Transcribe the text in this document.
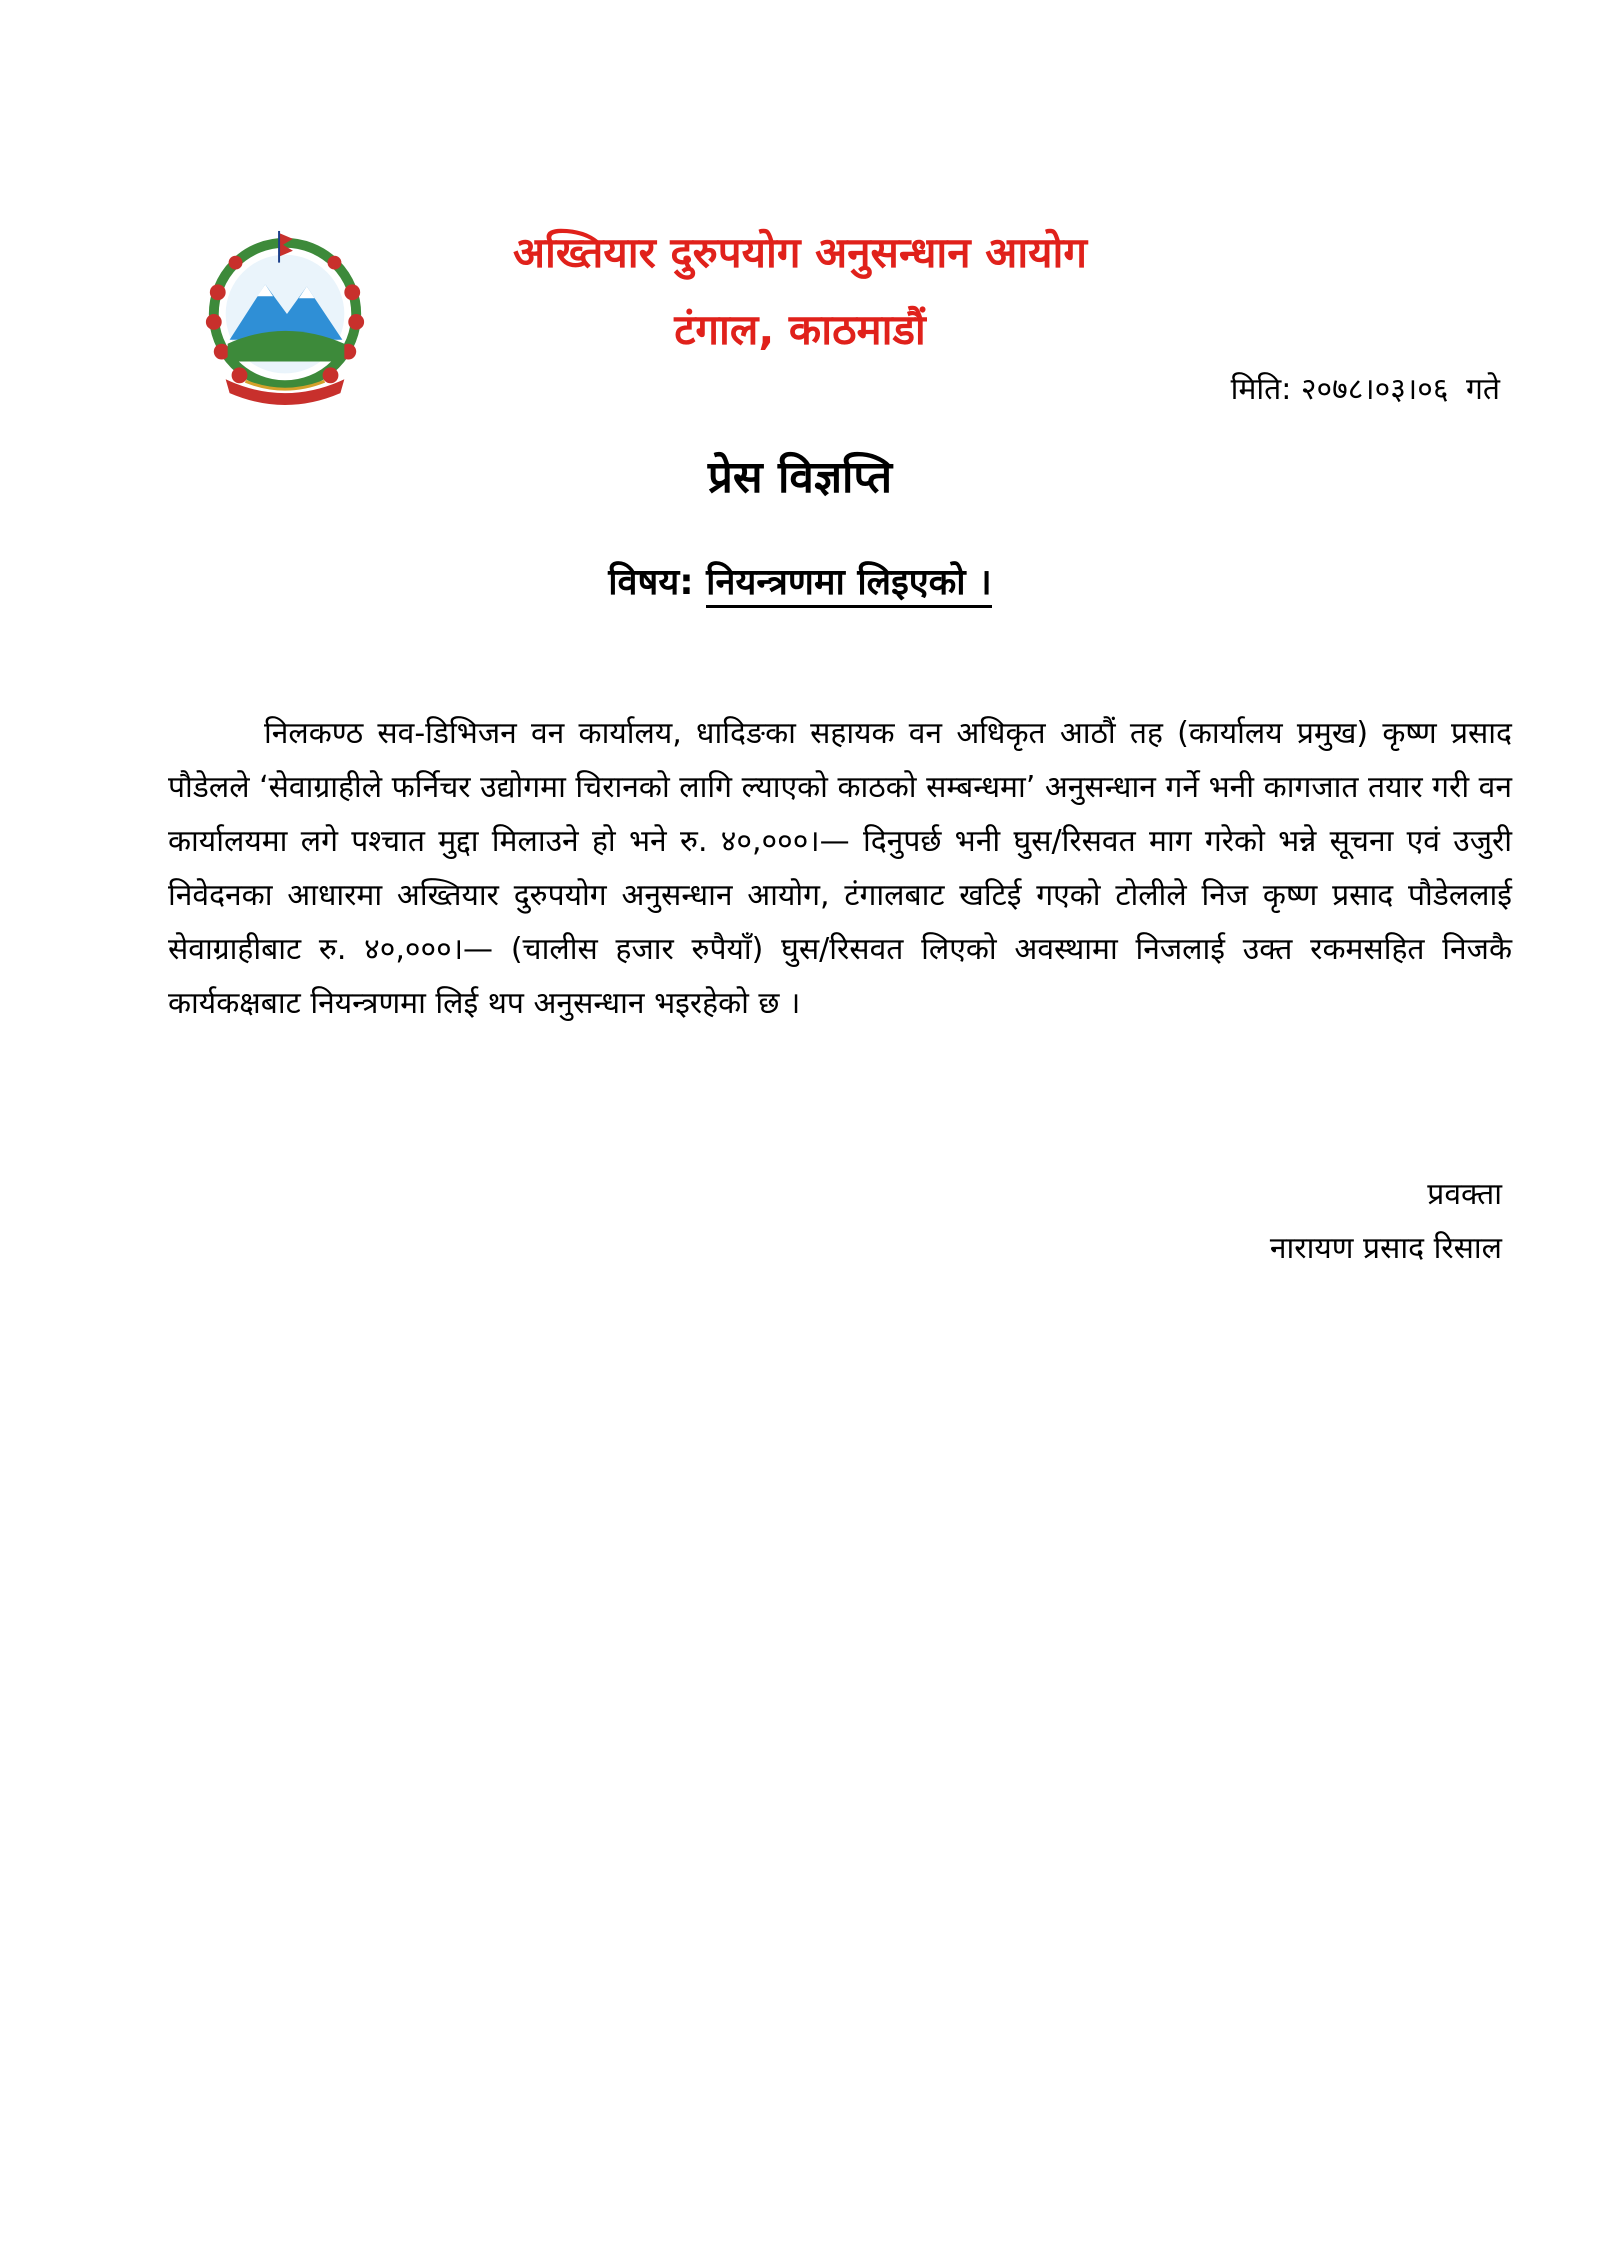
अख्तियार दुरुपयोग अनुसन्धान आयोग
टंगाल, काठमाडौं
मिति: २०७८।०३।०६ गते
प्रेस विज्ञप्ति
विषय: नियन्त्रणमा लिइएको ।

निलकण्ठ सव-डिभिजन वन कार्यालय, धादिङका सहायक वन अधिकृत आठौं तह (कार्यालय प्रमुख) कृष्ण प्रसाद पौडेलले ‘सेवाग्राहीले फर्निचर उद्योगमा चिरानको लागि ल्याएको काठको सम्बन्धमा’ अनुसन्धान गर्ने भनी कागजात तयार गरी वन कार्यालयमा लगे पश्चात मुद्दा मिलाउने हो भने रु. ४०,०००।— दिनुपर्छ भनी घुस/रिसवत माग गरेको भन्ने सूचना एवं उजुरी निवेदनका आधारमा अख्तियार दुरुपयोग अनुसन्धान आयोग, टंगालबाट खटिई गएको टोलीले निज कृष्ण प्रसाद पौडेललाई सेवाग्राहीबाट रु. ४०,०००।— (चालीस हजार रुपैयाँ) घुस/रिसवत लिएको अवस्थामा निजलाई उक्त रकमसहित निजकै कार्यकक्षबाट नियन्त्रणमा लिई थप अनुसन्धान भइरहेको छ ।

प्रवक्ता
नारायण प्रसाद रिसाल
